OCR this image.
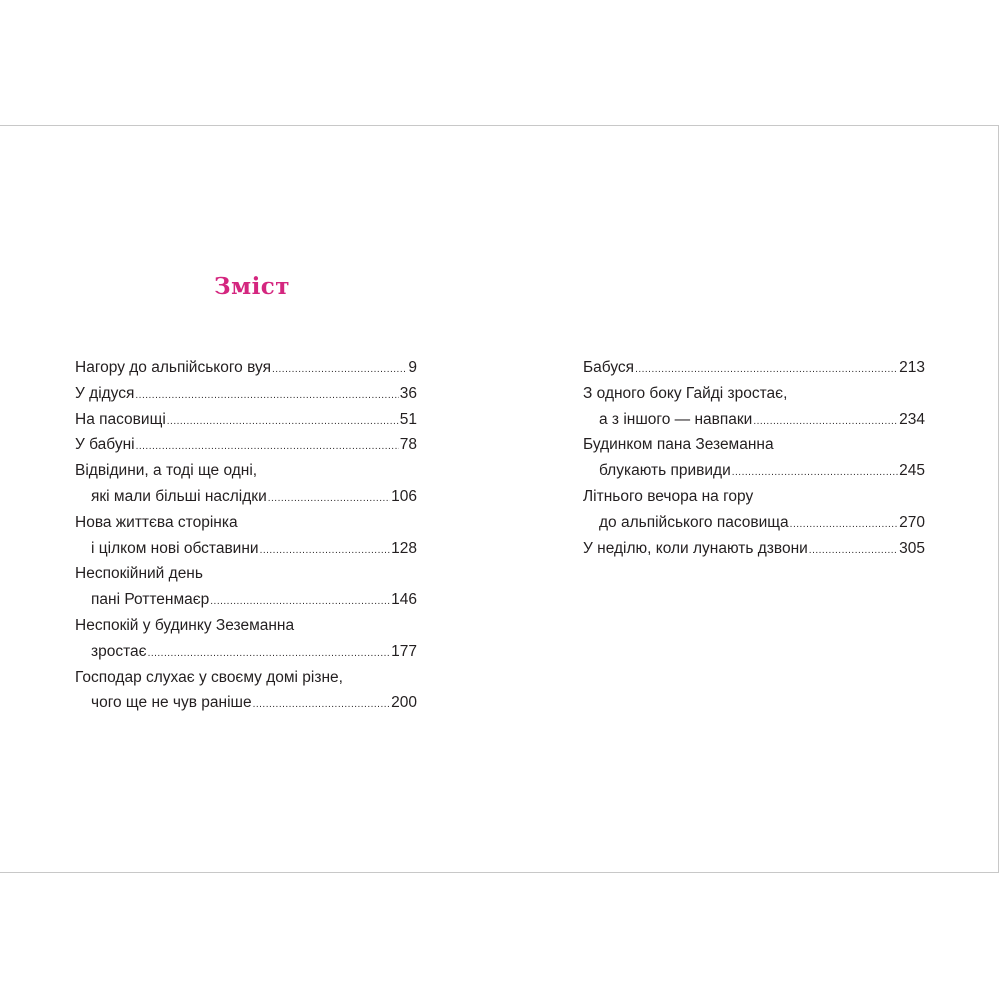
Зміст
Нагору до альпійського вуя .....	9
У дідуся .....	36
На пасовищі .....	51
У бабуні .....	78
Відвідини, а тоді ще одні,
які мали більші наслідки .....	106
Нова життєва сторінка
і цілком нові обставини .....	128
Неспокійний день
пані Роттенмаєр .....	146
Неспокій у будинку Зеземанна
зростає .....	177
Господар слухає у своєму домі різне,
чого ще не чув раніше .....	200
Бабуся .....	213
З одного боку Гайді зростає,
а з іншого — навпаки .....	234
Будинком пана Зеземанна
блукають привиди .....	245
Літнього вечора на гору
до альпійського пасовища .....	270
У неділю, коли лунають дзвони .....	305
